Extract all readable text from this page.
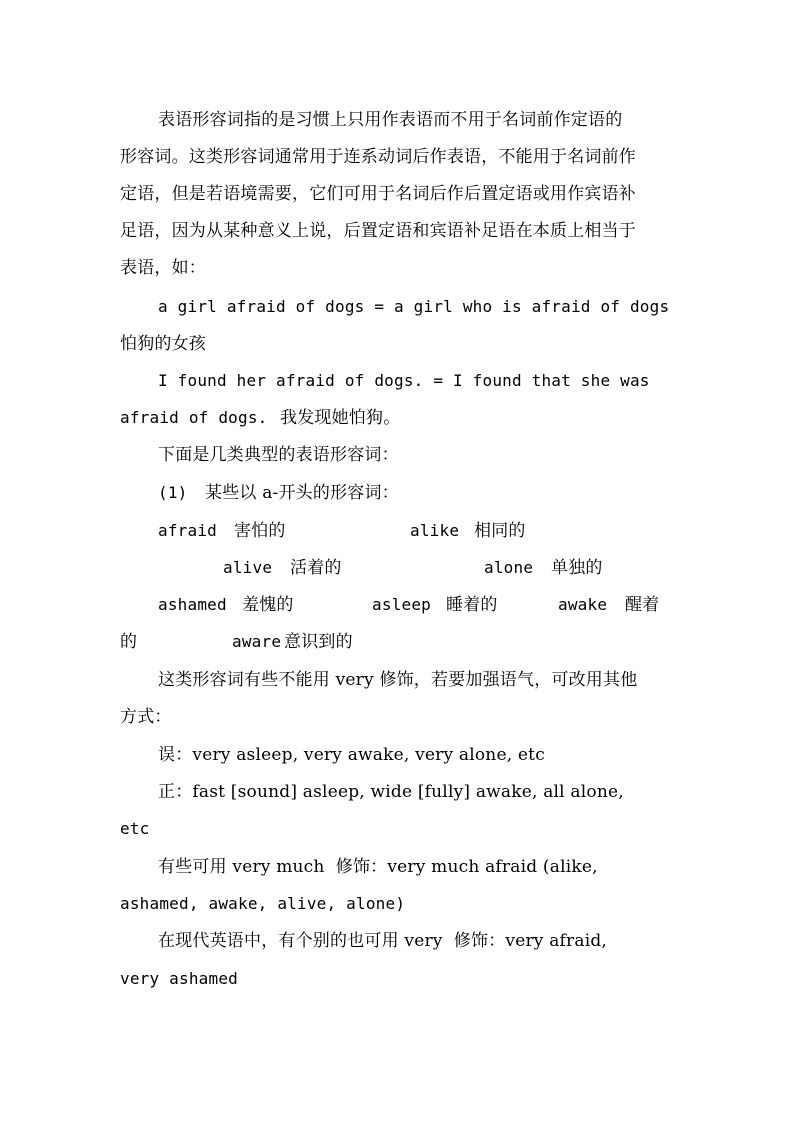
表语形容词指的是习惯上只用作表语而不用于名词前作定语的
形容词。这类形容词通常用于连系动词后作表语，不能用于名词前作
定语，但是若语境需要，它们可用于名词后作后置定语或用作宾语补
足语，因为从某种意义上说，后置定语和宾语补足语在本质上相当于
表语，如：
a girl afraid of dogs = a girl who is afraid of dogs
怕狗的女孩
I found her afraid of dogs. = I found that she was
afraid of dogs. 我发现她怕狗。
下面是几类典型的表语形容词：
(1) 某些以 a-开头的形容词：
afraid 害怕的	alike 相同的
alive 活着的	alone 单独的
ashamed 羞愧的	asleep 睡着的	awake 醒着
的	aware 意识到的
这类形容词有些不能用 very 修饰，若要加强语气，可改用其他
方式：
误：very asleep, very awake, very alone, etc
正：fast [sound] asleep, wide [fully] awake, all alone,
etc
有些可用 very much  修饰：very much afraid (alike,
ashamed, awake, alive, alone)
在现代英语中，有个别的也可用 very  修饰：very afraid,
very ashamed
